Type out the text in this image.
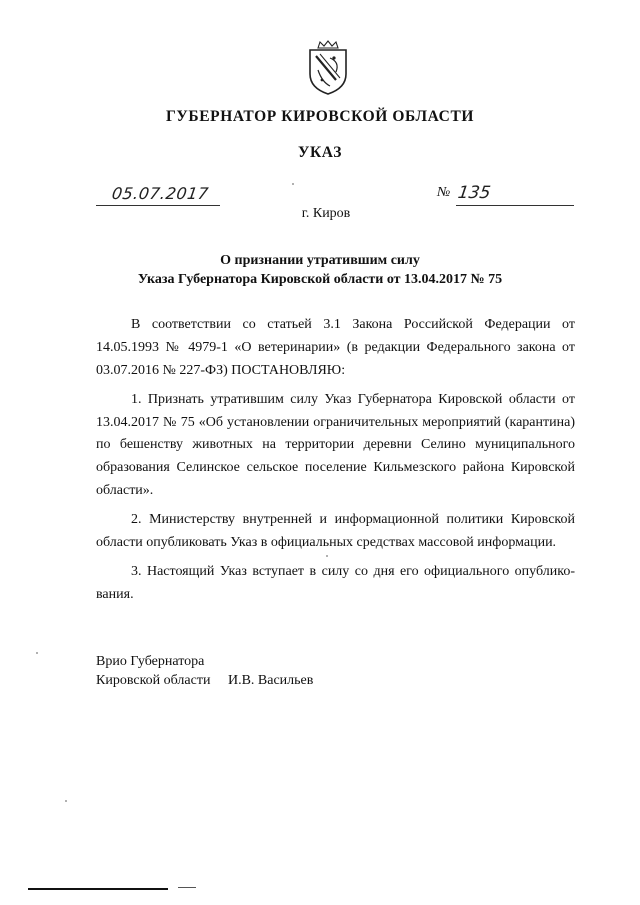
ГУБЕРНАТОР КИРОВСКОЙ ОБЛАСТИ
УКАЗ
05.07.2017	№ 135
г. Киров
О признании утратившим силу
Указа Губернатора Кировской области от 13.04.2017 № 75

В соответствии со статьей 3.1 Закона Российской Федерации от 14.05.1993 № 4979-1 «О ветеринарии» (в редакции Федерального закона от 03.07.2016 № 227-ФЗ) ПОСТАНОВЛЯЮ:

1. Признать утратившим силу Указ Губернатора Кировской области от 13.04.2017 № 75 «Об установлении ограничительных мероприятий (карантина) по бешенству животных на территории деревни Селино муниципального образования Селинское сельское поселение Кильмезского района Кировской области».

2. Министерству внутренней и информационной политики Кировской области опубликовать Указ в официальных средствах массовой информации.

3. Настоящий Указ вступает в силу со дня его официального опубликования.

Врио Губернатора
Кировской области И.В. Васильев
